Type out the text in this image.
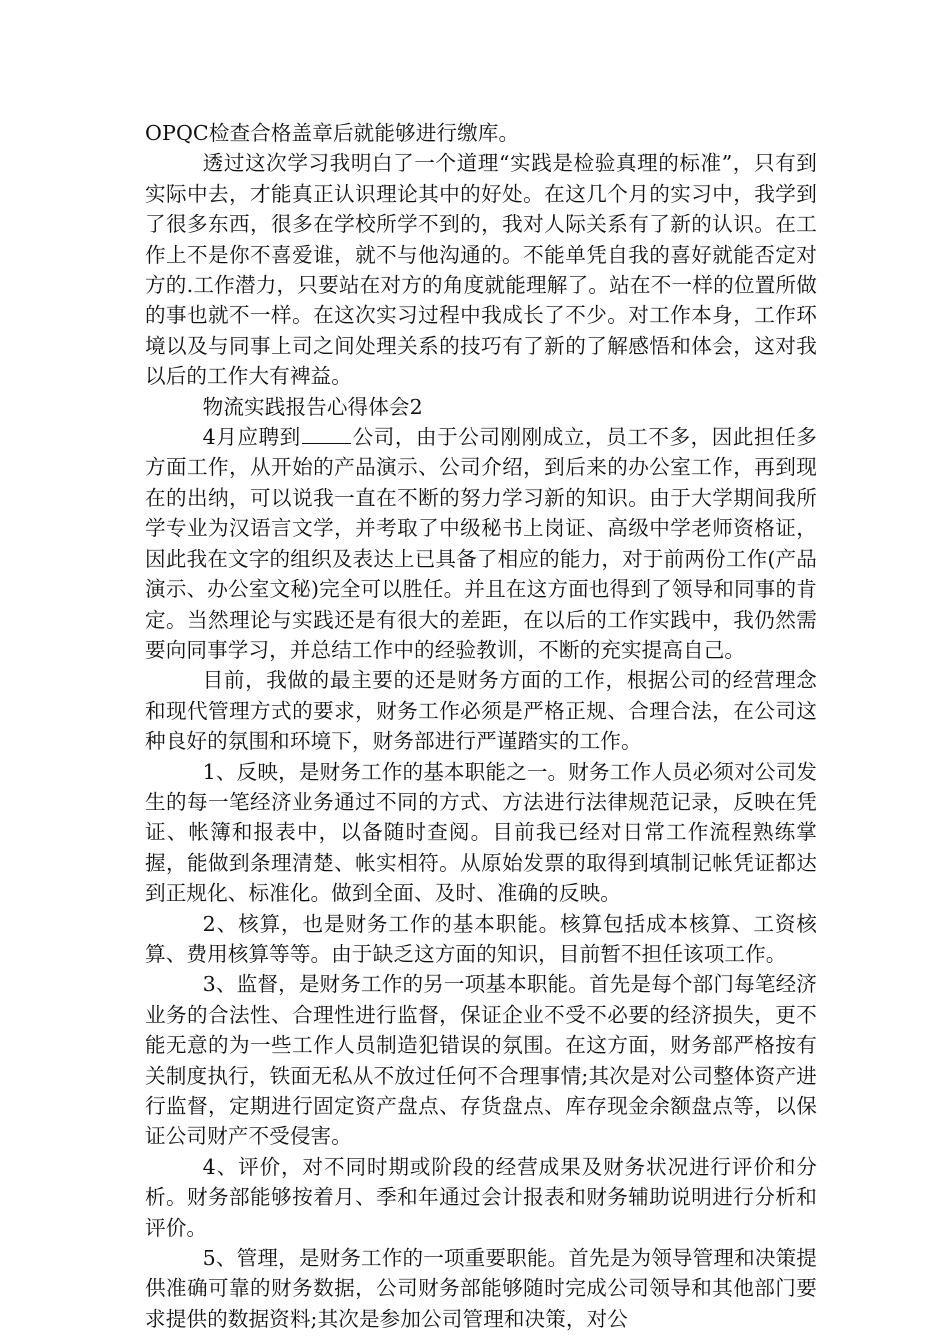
OPQC检查合格盖章后就能够进行缴库。

透过这次学习我明白了一个道理“实践是检验真理的标准”，只有到实际中去，才能真正认识理论其中的好处。在这几个月的实习中，我学到了很多东西，很多在学校所学不到的，我对人际关系有了新的认识。在工作上不是你不喜爱谁，就不与他沟通的。不能单凭自我的喜好就能否定对方的.工作潜力，只要站在对方的角度就能理解了。站在不一样的位置所做的事也就不一样。在这次实习过程中我成长了不少。对工作本身，工作环境以及与同事上司之间处理关系的技巧有了新的了解感悟和体会，这对我以后的工作大有裨益。

物流实践报告心得体会2

4月应聘到 公司，由于公司刚刚成立，员工不多，因此担任多方面工作，从开始的产品演示、公司介绍，到后来的办公室工作，再到现在的出纳，可以说我一直在不断的努力学习新的知识。由于大学期间我所学专业为汉语言文学，并考取了中级秘书上岗证、高级中学老师资格证，因此我在文字的组织及表达上已具备了相应的能力，对于前两份工作(产品演示、办公室文秘)完全可以胜任。并且在这方面也得到了领导和同事的肯定。当然理论与实践还是有很大的差距，在以后的工作实践中，我仍然需要向同事学习，并总结工作中的经验教训，不断的充实提高自己。

目前，我做的最主要的还是财务方面的工作，根据公司的经营理念和现代管理方式的要求，财务工作必须是严格正规、合理合法，在公司这种良好的氛围和环境下，财务部进行严谨踏实的工作。

1、反映，是财务工作的基本职能之一。财务工作人员必须对公司发生的每一笔经济业务通过不同的方式、方法进行法律规范记录，反映在凭证、帐簿和报表中，以备随时查阅。目前我已经对日常工作流程熟练掌握，能做到条理清楚、帐实相符。从原始发票的取得到填制记帐凭证都达到正规化、标准化。做到全面、及时、准确的反映。

2、核算，也是财务工作的基本职能。核算包括成本核算、工资核算、费用核算等等。由于缺乏这方面的知识，目前暂不担任该项工作。

3、监督，是财务工作的另一项基本职能。首先是每个部门每笔经济业务的合法性、合理性进行监督，保证企业不受不必要的经济损失，更不能无意的为一些工作人员制造犯错误的氛围。在这方面，财务部严格按有关制度执行，铁面无私从不放过任何不合理事情;其次是对公司整体资产进行监督，定期进行固定资产盘点、存货盘点、库存现金余额盘点等，以保证公司财产不受侵害。

4、评价，对不同时期或阶段的经营成果及财务状况进行评价和分析。财务部能够按着月、季和年通过会计报表和财务辅助说明进行分析和评价。

5、管理，是财务工作的一项重要职能。首先是为领导管理和决策提供准确可靠的财务数据，公司财务部能够随时完成公司领导和其他部门要求提供的数据资料;其次是参加公司管理和决策，对公
